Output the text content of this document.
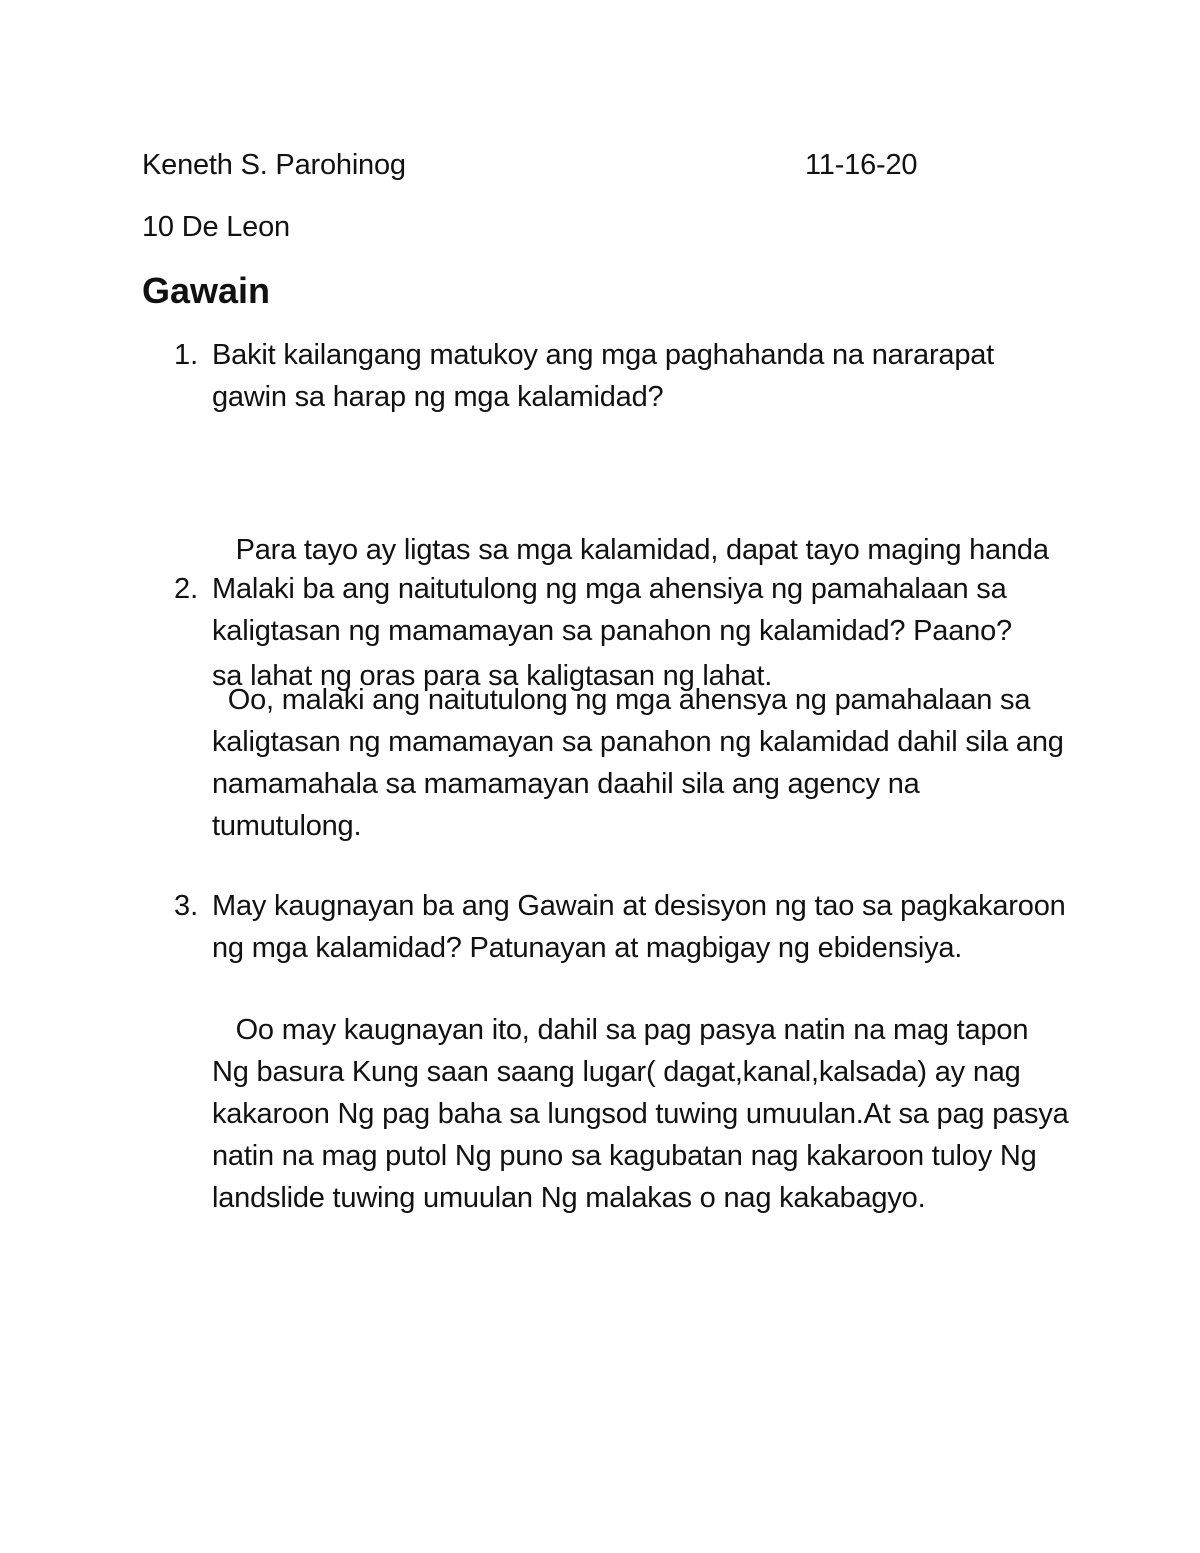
Keneth S. Parohinog	11-16-20
10 De Leon
Gawain
1. Bakit kailangang matukoy ang mga paghahanda na nararapat
gawin sa harap ng mga kalamidad?

Para tayo ay ligtas sa mga kalamidad, dapat tayo maging handa

sa lahat ng oras para sa kaligtasan ng lahat.

2. Malaki ba ang naitutulong ng mga ahensiya ng pamahalaan sa
kaligtasan ng mamamayan sa panahon ng kalamidad? Paano?
Oo, malaki ang naitutulong ng mga ahensya ng pamahalaan sa
kaligtasan ng mamamayan sa panahon ng kalamidad dahil sila ang
namamahala sa mamamayan daahil sila ang agency na
tumutulong.
3. May kaugnayan ba ang Gawain at desisyon ng tao sa pagkakaroon
ng mga kalamidad? Patunayan at magbigay ng ebidensiya.
Oo may kaugnayan ito, dahil sa pag pasya natin na mag tapon
Ng basura Kung saan saang lugar( dagat,kanal,kalsada) ay nag
kakaroon Ng pag baha sa lungsod tuwing umuulan.At sa pag pasya
natin na mag putol Ng puno sa kagubatan nag kakaroon tuloy Ng
landslide tuwing umuulan Ng malakas o nag kakabagyo.
